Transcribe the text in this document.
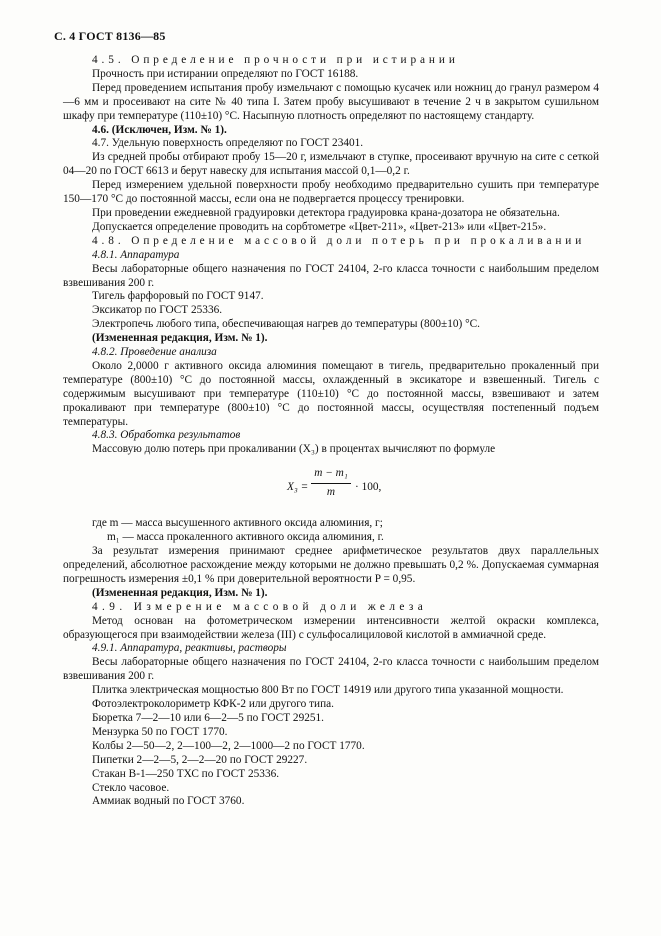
С. 4 ГОСТ 8136—85

4.5. Определение прочности при истирании

Прочность при истирании определяют по ГОСТ 16188.

Перед проведением испытания пробу измельчают с помощью кусачек или ножниц до гранул размером 4—6 мм и просеивают на сите № 40 типа I. Затем пробу высушивают в течение 2 ч в закрытом сушильном шкафу при температуре (110±10) °С. Насыпную плотность определяют по настоящему стандарту.

4.6. (Исключен, Изм. № 1).

4.7. Удельную поверхность определяют по ГОСТ 23401.

Из средней пробы отбирают пробу 15—20 г, измельчают в ступке, просеивают вручную на сите с сеткой 04—20 по ГОСТ 6613 и берут навеску для испытания массой 0,1—0,2 г.

Перед измерением удельной поверхности пробу необходимо предварительно сушить при температуре 150—170 °С до постоянной массы, если она не подвергается процессу тренировки.

При проведении ежедневной градуировки детектора градуировка крана-дозатора не обязательна.

Допускается определение проводить на сорбтометре «Цвет-211», «Цвет-213» или «Цвет-215».

4.8. Определение массовой доли потерь при прокаливании

4.8.1. Аппаратура

Весы лабораторные общего назначения по ГОСТ 24104, 2-го класса точности с наибольшим пределом взвешивания 200 г.

Тигель фарфоровый по ГОСТ 9147.

Эксикатор по ГОСТ 25336.

Электропечь любого типа, обеспечивающая нагрев до температуры (800±10) °С.

(Измененная редакция, Изм. № 1).

4.8.2. Проведение анализа

Около 2,0000 г активного оксида алюминия помещают в тигель, предварительно прокаленный при температуре (800±10) °С до постоянной массы, охлажденный в эксикаторе и взвешенный. Тигель с содержимым высушивают при температуре (110±10) °С до постоянной массы, взвешивают и затем прокаливают при температуре (800±10) °С до постоянной массы, осуществляя постепенный подъем температуры.

4.8.3. Обработка результатов

Массовую долю потерь при прокаливании (X₃) в процентах вычисляют по формуле

$X_3 = \frac{\text{m − m₁}}{m} \cdot 100$,

где m — масса высушенного активного оксида алюминия, г;

m₁ — масса прокаленного активного оксида алюминия, г.

За результат измерения принимают среднее арифметическое результатов двух параллельных определений, абсолютное расхождение между которыми не должно превышать 0,2 %. Допускаемая суммарная погрешность измерения ±0,1 % при доверительной вероятности P = 0,95.

(Измененная редакция, Изм. № 1).

4.9. Измерение массовой доли железа

Метод основан на фотометрическом измерении интенсивности желтой окраски комплекса, образующегося при взаимодействии железа (III) с сульфосалициловой кислотой в аммиачной среде.

4.9.1. Аппаратура, реактивы, растворы

Весы лабораторные общего назначения по ГОСТ 24104, 2-го класса точности с наибольшим пределом взвешивания 200 г.

Плитка электрическая мощностью 800 Вт по ГОСТ 14919 или другого типа указанной мощности.

Фотоэлектроколориметр КФК-2 или другого типа.

Бюретка 7—2—10 или 6—2—5 по ГОСТ 29251.

Мензурка 50 по ГОСТ 1770.

Колбы 2—50—2, 2—100—2, 2—1000—2 по ГОСТ 1770.

Пипетки 2—2—5, 2—2—20 по ГОСТ 29227.

Стакан В-1—250 ТХС по ГОСТ 25336.

Стекло часовое.

Аммиак водный по ГОСТ 3760.
